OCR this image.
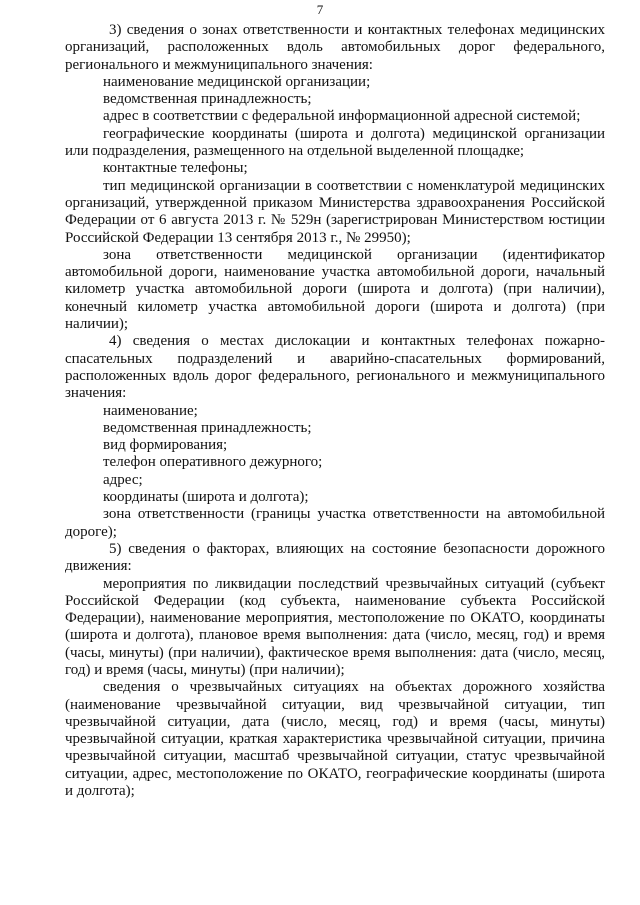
7

3) сведения о зонах ответственности и контактных телефонах медицинских организаций, расположенных вдоль автомобильных дорог федерального, регионального и межмуниципального значения:

наименование медицинской организации;

ведомственная принадлежность;

адрес в соответствии с федеральной информационной адресной системой;

географические координаты (широта и долгота) медицинской организации или подразделения, размещенного на отдельной выделенной площадке;

контактные телефоны;

тип медицинской организации в соответствии с номенклатурой медицинских организаций, утвержденной приказом Министерства здравоохранения Российской Федерации от 6 августа 2013 г. № 529н (зарегистрирован Министерством юстиции Российской Федерации 13 сентября 2013 г., № 29950);

зона ответственности медицинской организации (идентификатор автомобильной дороги, наименование участка автомобильной дороги, начальный километр участка автомобильной дороги (широта и долгота) (при наличии), конечный километр участка автомобильной дороги (широта и долгота) (при наличии);

4) сведения о местах дислокации и контактных телефонах пожарно-спасательных подразделений и аварийно-спасательных формирований, расположенных вдоль дорог федерального, регионального и межмуниципального значения:

наименование;

ведомственная принадлежность;

вид формирования;

телефон оперативного дежурного;

адрес;

координаты (широта и долгота);

зона ответственности (границы участка ответственности на автомобильной дороге);

5) сведения о факторах, влияющих на состояние безопасности дорожного движения:

мероприятия по ликвидации последствий чрезвычайных ситуаций (субъект Российской Федерации (код субъекта, наименование субъекта Российской Федерации), наименование мероприятия, местоположение по ОКАТО, координаты (широта и долгота), плановое время выполнения: дата (число, месяц, год) и время (часы, минуты) (при наличии), фактическое время выполнения: дата (число, месяц, год) и время (часы, минуты) (при наличии);

сведения о чрезвычайных ситуациях на объектах дорожного хозяйства (наименование чрезвычайной ситуации, вид чрезвычайной ситуации, тип чрезвычайной ситуации, дата (число, месяц, год) и время (часы, минуты) чрезвычайной ситуации, краткая характеристика чрезвычайной ситуации, причина чрезвычайной ситуации, масштаб чрезвычайной ситуации, статус чрезвычайной ситуации, адрес, местоположение по ОКАТО, географические координаты (широта и долгота);
